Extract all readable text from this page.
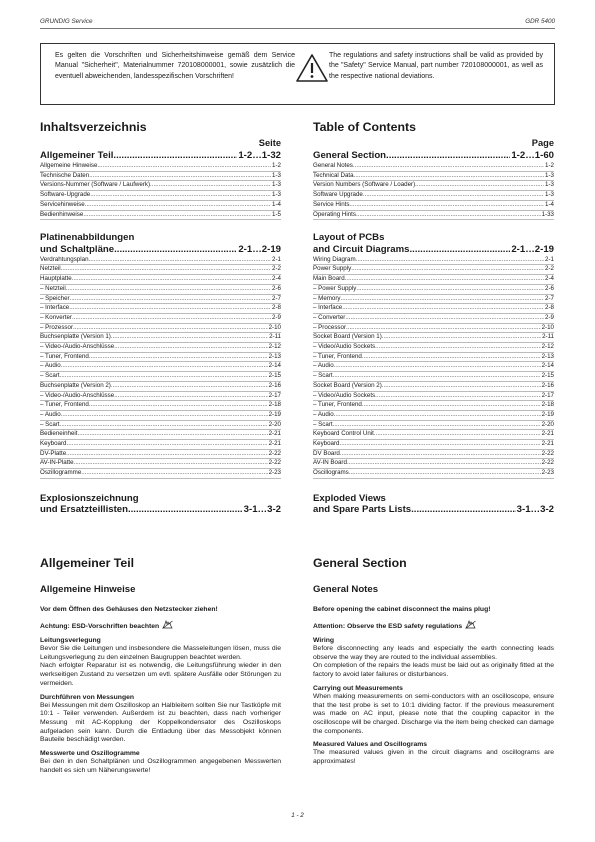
GRUNDIG Service	GDR 5400
Es gelten die Vorschriften und Sicherheitshinweise gemäß dem Service Manual "Sicherheit", Materialnummer 720108000001, sowie zusätzlich die eventuell abweichenden, landesspezifischen Vorschriften!
The regulations and safety instructions shall be valid as provided by the "Safety" Service Manual, part number 720108000001, as well as the respective national deviations.
Inhaltsverzeichnis
Seite
Allgemeiner Teil .....	1-2…1-32
Allgemeine Hinweise .....	1-2
Technische Daten .....	1-3
Versions-Nummer (Software / Laufwerk) .....	1-3
Software-Upgrade .....	1-3
Servicehinweise .....	1-4
Bedienhinweise .....	1-5
Platinenabbildungen
und Schaltpläne .....	2-1…2-19
Verdrahtungsplan .....	2-1
Netzteil .....	2-2
Hauptplatte .....	2-4
– Netzteil .....	2-6
– Speicher .....	2-7
– Interface .....	2-8
– Konverter .....	2-9
– Prozessor .....	2-10
Buchsenplatte (Version 1) .....	2-11
– Video-/Audio-Anschlüsse .....	2-12
– Tuner, Frontend .....	2-13
– Audio .....	2-14
– Scart .....	2-15
Buchsenplatte (Version 2) .....	2-16
– Video-/Audio-Anschlüsse .....	2-17
– Tuner, Frontend .....	2-18
– Audio .....	2-19
– Scart .....	2-20
Bedieneinheit .....	2-21
Keyboard .....	2-21
DV-Platte .....	2-22
AV-IN-Platte .....	2-22
Oszillogramme .....	2-23
Explosionszeichnung
und Ersatzteillisten .....	3-1…3-2
Table of Contents
Page
General Section .....	1-2…1-60
General Notes .....	1-2
Technical Data .....	1-3
Version Numbers (Software / Loader) .....	1-3
Software Upgrade .....	1-3
Service Hints .....	1-4
Operating Hints .....	1-33
Layout of PCBs
and Circuit Diagrams .....	2-1…2-19
Wiring Diagram .....	2-1
Power Supply .....	2-2
Main Board .....	2-4
– Power Supply .....	2-6
– Memory .....	2-7
– Interface .....	2-8
– Converter .....	2-9
– Processor .....	2-10
Socket Board (Version 1) .....	2-11
– Video/Audio Sockets .....	2-12
– Tuner, Frontend .....	2-13
– Audio .....	2-14
– Scart .....	2-15
Socket Board (Version 2) .....	2-16
– Video/Audio Sockets .....	2-17
– Tuner, Frontend .....	2-18
– Audio .....	2-19
– Scart .....	2-20
Keyboard Control Unit .....	2-21
Keyboard .....	2-21
DV Board .....	2-22
AV-IN Board .....	2-22
Oscillograms .....	2-23
Exploded Views
and Spare Parts Lists .....	3-1…3-2
Allgemeiner Teil
Allgemeine Hinweise
Vor dem Öffnen des Gehäuses den Netzstecker ziehen!
Achtung: ESD-Vorschriften beachten
Leitungsverlegung
Bevor Sie die Leitungen und insbesondere die Masseleitungen lösen, muss die Leitungsverlegung zu den einzelnen Baugruppen beachtet werden.
Nach erfolgter Reparatur ist es notwendig, die Leitungsführung wieder in den werkseitigen Zustand zu versetzen um evtl. spätere Ausfälle oder Störungen zu vermeiden.
Durchführen von Messungen
Bei Messungen mit dem Oszilloskop an Halbleitern sollten Sie nur Tastköpfe mit 10:1 - Teiler verwenden. Außerdem ist zu beachten, dass nach vorheriger Messung mit AC-Kopplung der Koppelkondensator des Oszilloskops aufgeladen sein kann. Durch die Entladung über das Messobjekt können Bauteile beschädigt werden.
Messwerte und Oszillogramme
Bei den in den Schaltplänen und Oszillogrammen angegebenen Messwerten handelt es sich um Näherungswerte!
General Section
General Notes
Before opening the cabinet disconnect the mains plug!
Attention: Observe the ESD safety regulations
Wiring
Before disconnecting any leads and especially the earth connecting leads observe the way they are routed to the individual assemblies.
On completion of the repairs the leads must be laid out as originally fitted at the factory to avoid later failures or disturbances.
Carrying out Measurements
When making measurements on semi-conductors with an oscilloscope, ensure that the test probe is set to 10:1 dividing factor. If the previous measurement was made on AC input, please note that the coupling capacitor in the oscilloscope will be charged. Discharge via the item being checked can damage the components.
Measured Values and Oscillograms
The measured values given in the circuit diagrams and oscillograms are approximates!
1 - 2
